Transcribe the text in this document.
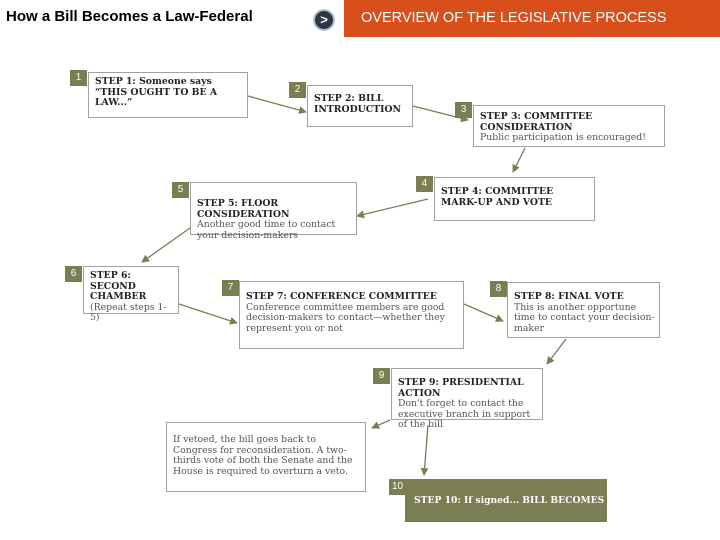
How a Bill Becomes a Law-Federal	>	OVERVIEW OF THE LEGISLATIVE PROCESS
1	STEP 1: Someone says
“THIS OUGHT TO BE A LAW...”
2
STEP 2: BILL INTRODUCTION	3
STEP 3: COMMITTEE CONSIDERATION
Public participation is encouraged!
4
STEP 4: COMMITTEE MARK-UP AND VOTE
5
STEP 5: FLOOR CONSIDERATION
Another good time to contact your decision-makers
6	STEP 6: SECOND CHAMBER
(Repeat steps 1-5)
7
STEP 7: CONFERENCE COMMITTEE
Conference committee members are good decision-makers to contact—whether they represent you or not
8
STEP 8: FINAL VOTE
This is another opportune time to contact your decision-maker
9
STEP 9: PRESIDENTIAL ACTION
Don't forget to contact the executive branch in support of the bill
If vetoed, the bill goes back to Congress for reconsideration. A two-thirds vote of both the Senate and the House is required to overturn a veto.
10
STEP 10: If signed... BILL BECOMES LAW!
